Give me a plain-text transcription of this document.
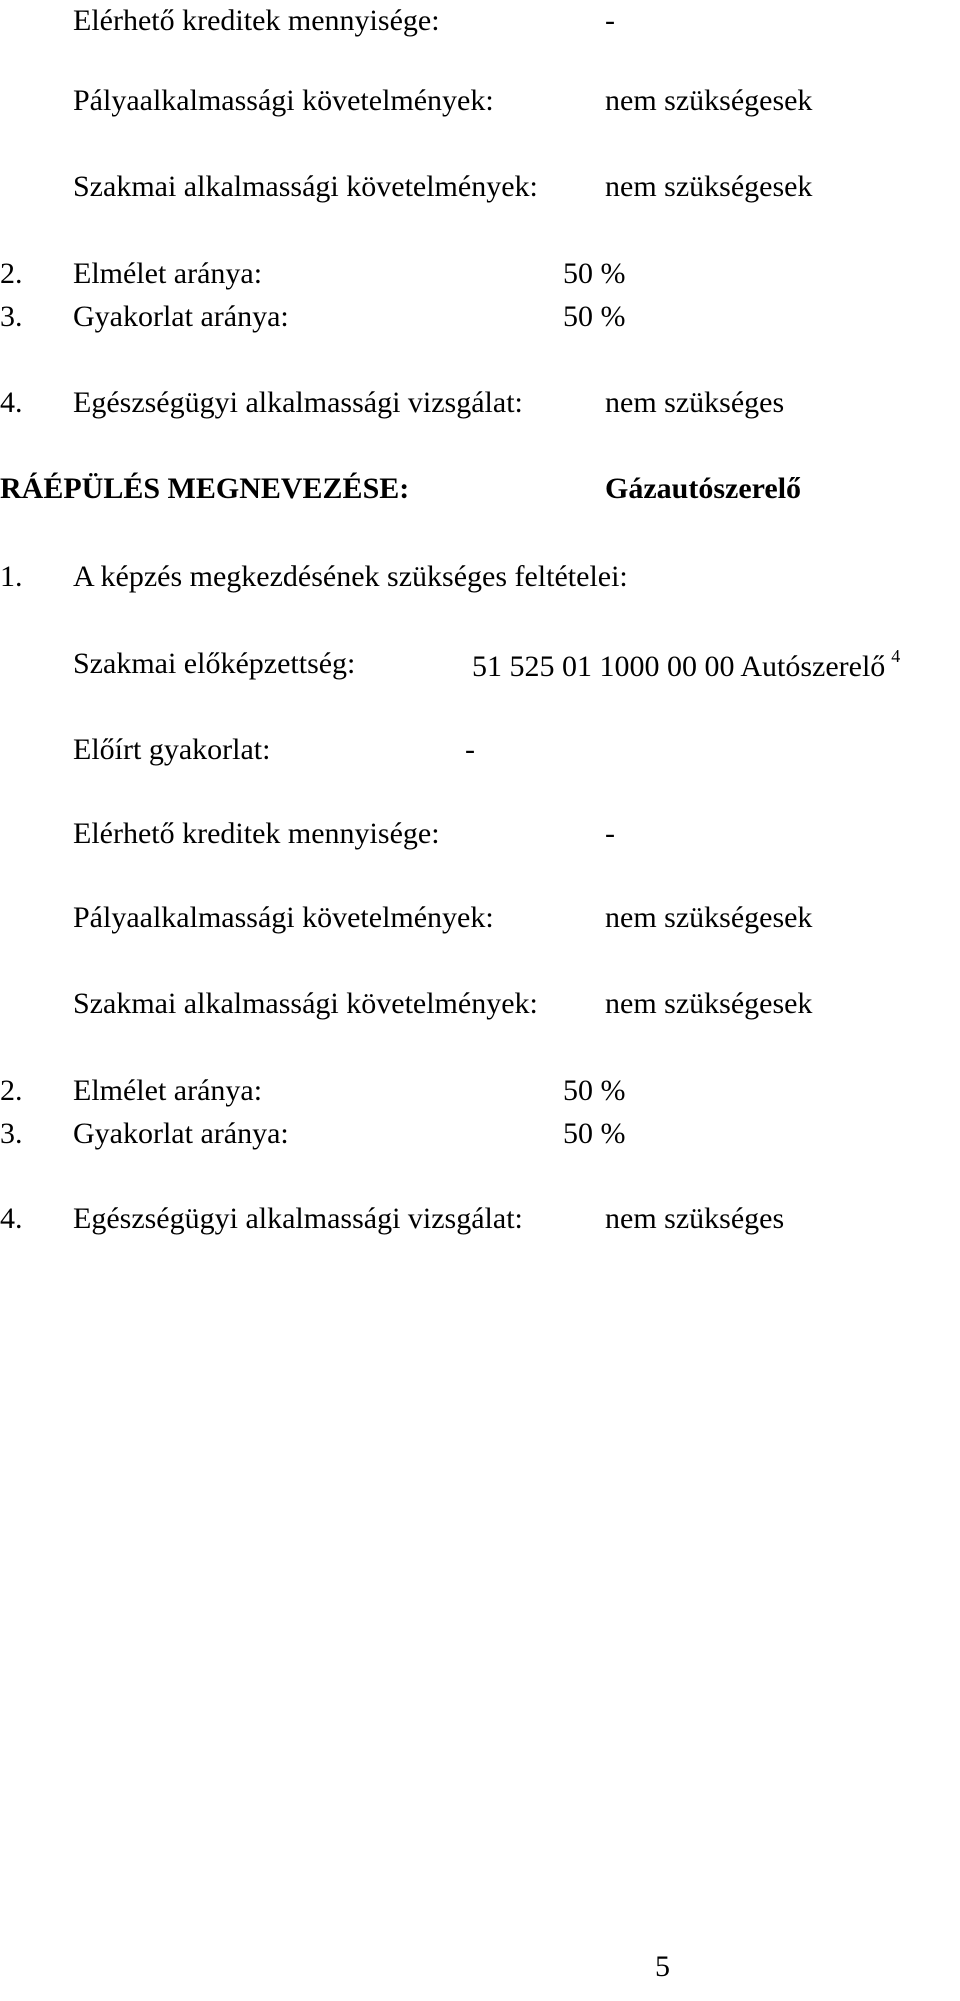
Elérhető kreditek mennyisége:	-
Pályaalkalmassági követelmények:	nem szükségesek
Szakmai alkalmassági követelmények: nem szükségesek
2. Elmélet aránya:	50 %
3. Gyakorlat aránya:	50 %
4. Egészségügyi alkalmassági vizsgálat:	nem szükséges
RÁÉPÜLÉS MEGNEVEZÉSE:	Gázautószerelő
1. A képzés megkezdésének szükséges feltételei:
Szakmai előképzettség:	51 525 01 1000 00 00 Autószerelő $^4$
Előírt gyakorlat:	-
Elérhető kreditek mennyisége:	-
Pályaalkalmassági követelmények:	nem szükségesek
Szakmai alkalmassági követelmények: nem szükségesek
2. Elmélet aránya:	50 %
3. Gyakorlat aránya:	50 %
4. Egészségügyi alkalmassági vizsgálat:	nem szükséges
5
